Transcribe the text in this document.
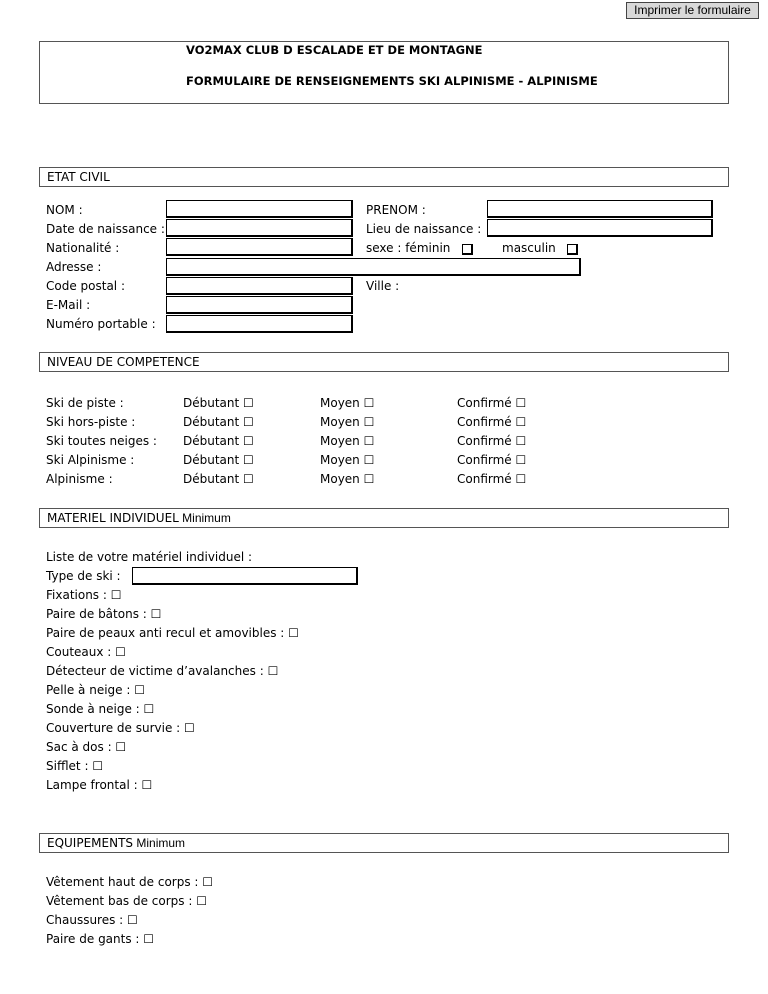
Imprimer le formulaire
VO2MAX CLUB D ESCALADE ET DE MONTAGNE
FORMULAIRE DE RENSEIGNEMENTS SKI ALPINISME - ALPINISME
ETAT CIVIL
NOM :	PRENOM :
Date de naissance :	Lieu de naissance :
Nationalité :	sexe : féminin	masculin
Adresse :
Code postal :	Ville :
E-Mail :
Numéro portable :
NIVEAU DE COMPETENCE
Ski de piste :	Débutant ☐	Moyen ☐	Confirmé ☐
Ski hors-piste :	Débutant ☐	Moyen ☐	Confirmé ☐
Ski toutes neiges : Débutant ☐	Moyen ☐	Confirmé ☐
Ski Alpinisme :	Débutant ☐	Moyen ☐	Confirmé ☐
Alpinisme :	Débutant ☐	Moyen ☐	Confirmé ☐
MATERIEL INDIVIDUEL Minimum
Liste de votre matériel individuel :
Type de ski :
Fixations : ☐
Paire de bâtons : ☐
Paire de peaux anti recul et amovibles : ☐
Couteaux : ☐
Détecteur de victime d’avalanches : ☐
Pelle à neige : ☐
Sonde à neige : ☐
Couverture de survie : ☐
Sac à dos : ☐
Sifflet : ☐
Lampe frontal : ☐
EQUIPEMENTS Minimum
Vêtement haut de corps : ☐
Vêtement bas de corps : ☐
Chaussures : ☐
Paire de gants : ☐
